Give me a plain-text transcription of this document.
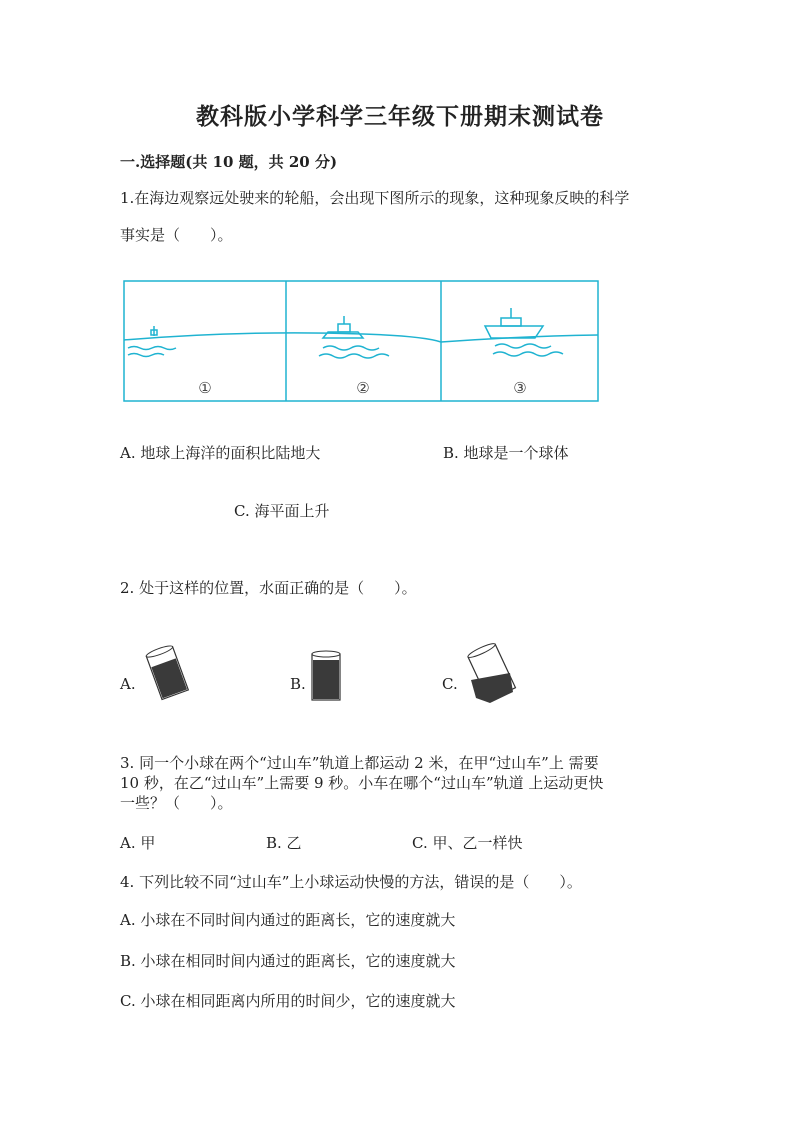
教科版小学科学三年级下册期末测试卷
一.选择题(共 10 题，共 20 分)
1.在海边观察远处驶来的轮船，会出现下图所示的现象，这种现象反映的科学
事实是（　　）。
①	②	③
A. 地球上海洋的面积比陆地大	B. 地球是一个球体
C. 海平面上升
2. 处于这样的位置，水面正确的是（　　）。
A.	B.	C.
3. 同一个小球在两个“过山车”轨道上都运动 2 米，在甲“过山车”上 需要
10 秒，在乙“过山车”上需要 9 秒。小车在哪个“过山车”轨道 上运动更快
一些？（　　）。
A. 甲	B. 乙	C. 甲、乙一样快
4. 下列比较不同“过山车”上小球运动快慢的方法，错误的是（　　）。
A. 小球在不同时间内通过的距离长，它的速度就大
B. 小球在相同时间内通过的距离长，它的速度就大
C. 小球在相同距离内所用的时间少，它的速度就大
